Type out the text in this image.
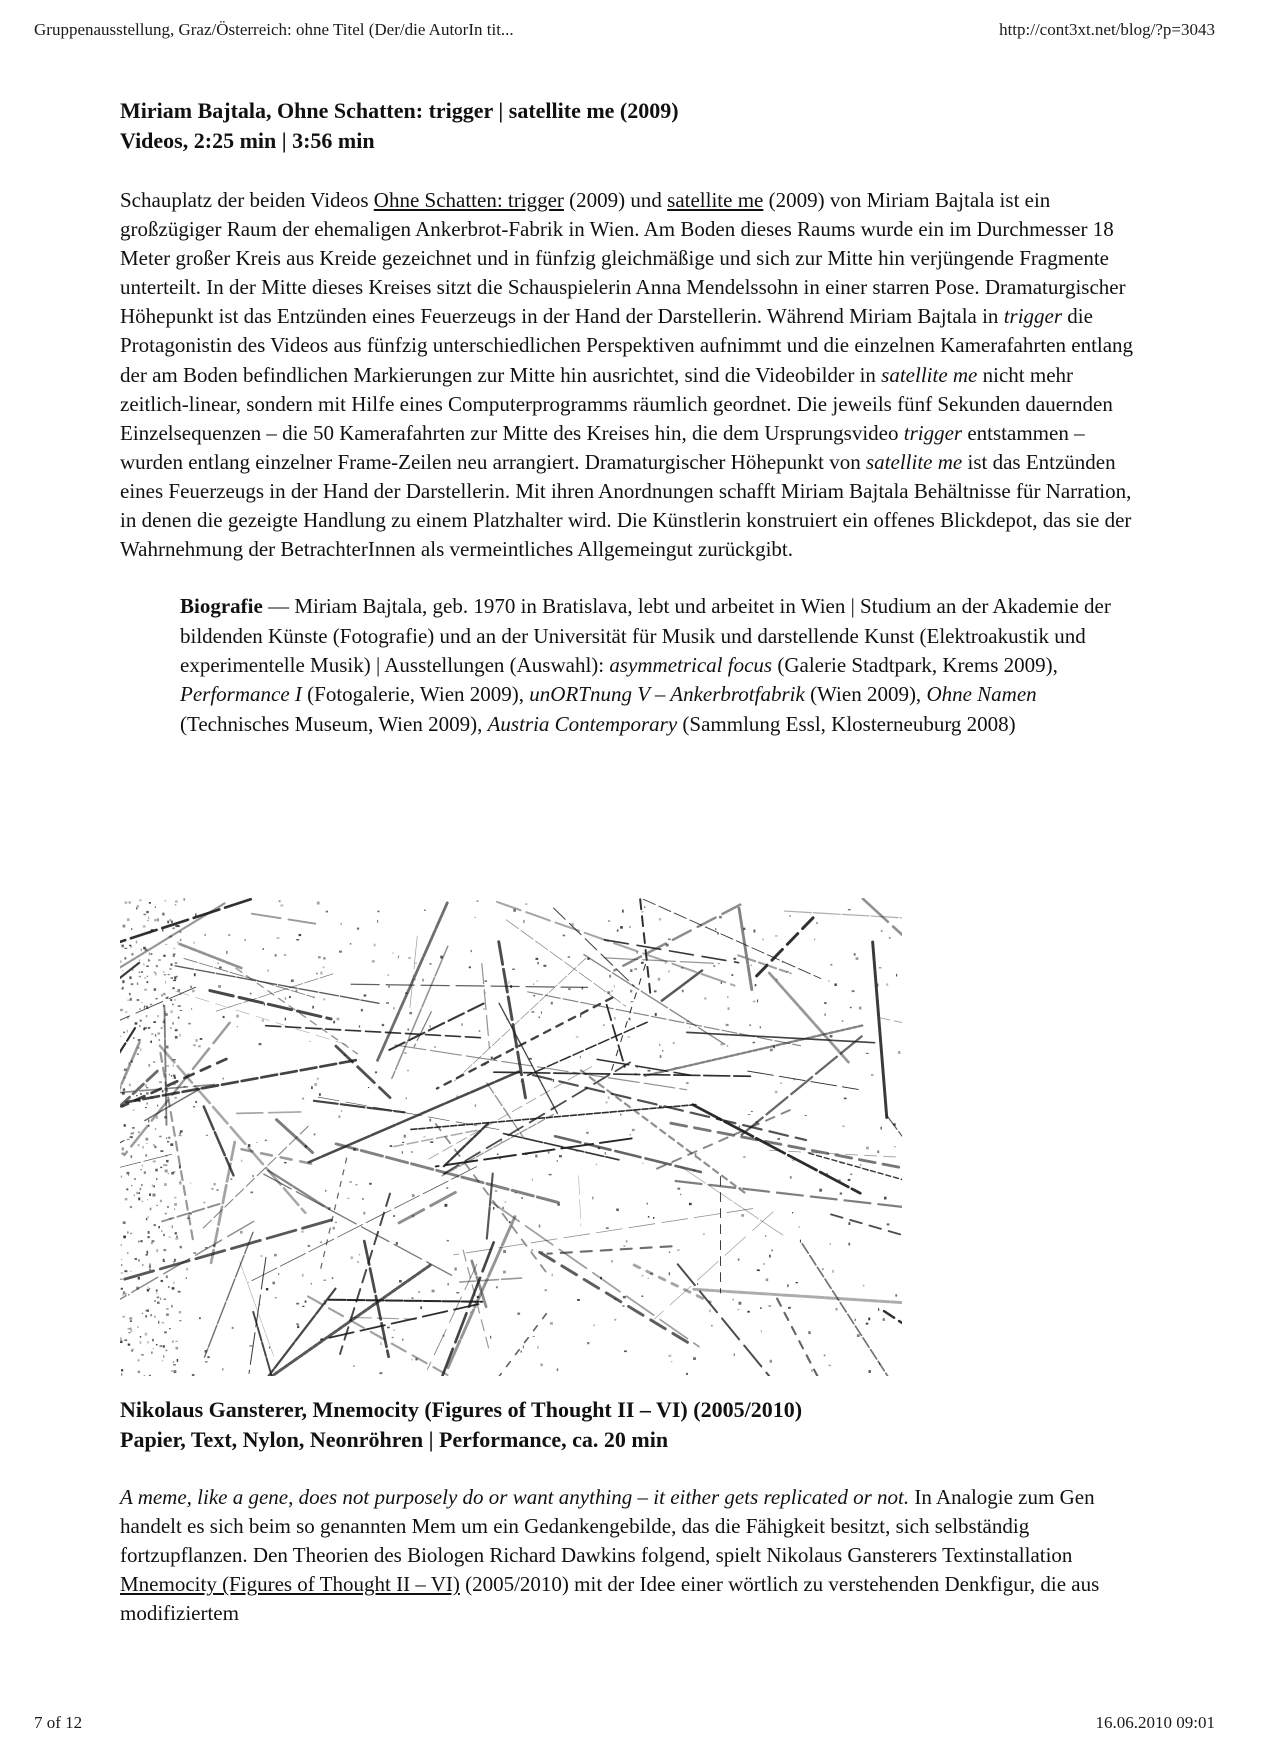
Gruppenausstellung, Graz/Österreich: ohne Titel (Der/die AutorIn tit...	http://cont3xt.net/blog/?p=3043
Miriam Bajtala, Ohne Schatten: trigger | satellite me (2009)
Videos, 2:25 min | 3:56 min

Schauplatz der beiden Videos Ohne Schatten: trigger (2009) und satellite me (2009) von Miriam Bajtala ist ein großzügiger Raum der ehemaligen Ankerbrot-Fabrik in Wien. Am Boden dieses Raums wurde ein im Durchmesser 18 Meter großer Kreis aus Kreide gezeichnet und in fünfzig gleichmäßige und sich zur Mitte hin verjüngende Fragmente unterteilt. In der Mitte dieses Kreises sitzt die Schauspielerin Anna Mendelssohn in einer starren Pose. Dramaturgischer Höhepunkt ist das Entzünden eines Feuerzeugs in der Hand der Darstellerin. Während Miriam Bajtala in trigger die Protagonistin des Videos aus fünfzig unterschiedlichen Perspektiven aufnimmt und die einzelnen Kamerafahrten entlang der am Boden befindlichen Markierungen zur Mitte hin ausrichtet, sind die Videobilder in satellite me nicht mehr zeitlich-linear, sondern mit Hilfe eines Computerprogramms räumlich geordnet. Die jeweils fünf Sekunden dauernden Einzelsequenzen – die 50 Kamerafahrten zur Mitte des Kreises hin, die dem Ursprungsvideo trigger entstammen – wurden entlang einzelner Frame-Zeilen neu arrangiert. Dramaturgischer Höhepunkt von satellite me ist das Entzünden eines Feuerzeugs in der Hand der Darstellerin. Mit ihren Anordnungen schafft Miriam Bajtala Behältnisse für Narration, in denen die gezeigte Handlung zu einem Platzhalter wird. Die Künstlerin konstruiert ein offenes Blickdepot, das sie der Wahrnehmung der BetrachterInnen als vermeintliches Allgemeingut zurückgibt.

Biografie — Miriam Bajtala, geb. 1970 in Bratislava, lebt und arbeitet in Wien | Studium an der Akademie der bildenden Künste (Fotografie) und an der Universität für Musik und darstellende Kunst (Elektroakustik und experimentelle Musik) | Ausstellungen (Auswahl): asymmetrical focus (Galerie Stadtpark, Krems 2009), Performance I (Fotogalerie, Wien 2009), unORTnung V – Ankerbrotfabrik (Wien 2009), Ohne Namen (Technisches Museum, Wien 2009), Austria Contemporary (Sammlung Essl, Klosterneuburg 2008)

Nikolaus Gansterer, Mnemocity (Figures of Thought II – VI) (2005/2010)
Papier, Text, Nylon, Neonröhren | Performance, ca. 20 min

A meme, like a gene, does not purposely do or want anything – it either gets replicated or not. In Analogie zum Gen handelt es sich beim so genannten Mem um ein Gedankengebilde, das die Fähigkeit besitzt, sich selbständig fortzupflanzen. Den Theorien des Biologen Richard Dawkins folgend, spielt Nikolaus Gansterers Textinstallation Mnemocity (Figures of Thought II – VI) (2005/2010) mit der Idee einer wörtlich zu verstehenden Denkfigur, die aus modifiziertem

7 of 12	16.06.2010 09:01
